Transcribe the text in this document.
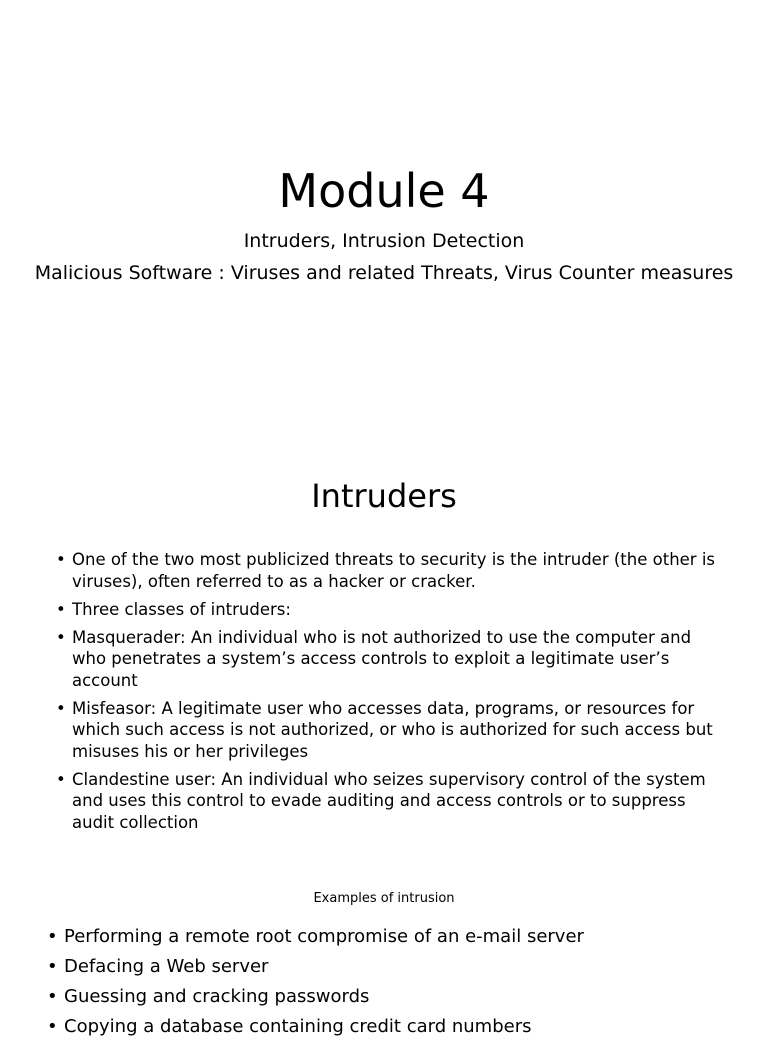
Module 4

Intruders, Intrusion Detection

Malicious Software : Viruses and related Threats, Virus Counter measures

Intruders
• One of the two most publicized threats to security is the intruder (the other is viruses), often referred to as a hacker or cracker.
• Three classes of intruders:
• Masquerader: An individual who is not authorized to use the computer and who penetrates a system’s access controls to exploit a legitimate user’s account
• Misfeasor: A legitimate user who accesses data, programs, or resources for which such access is not authorized, or who is authorized for such access but misuses his or her privileges
• Clandestine user: An individual who seizes supervisory control of the system and uses this control to evade auditing and access controls or to suppress audit collection
Examples of intrusion
• Performing a remote root compromise of an e-mail server
• Defacing a Web server
• Guessing and cracking passwords
• Copying a database containing credit card numbers
